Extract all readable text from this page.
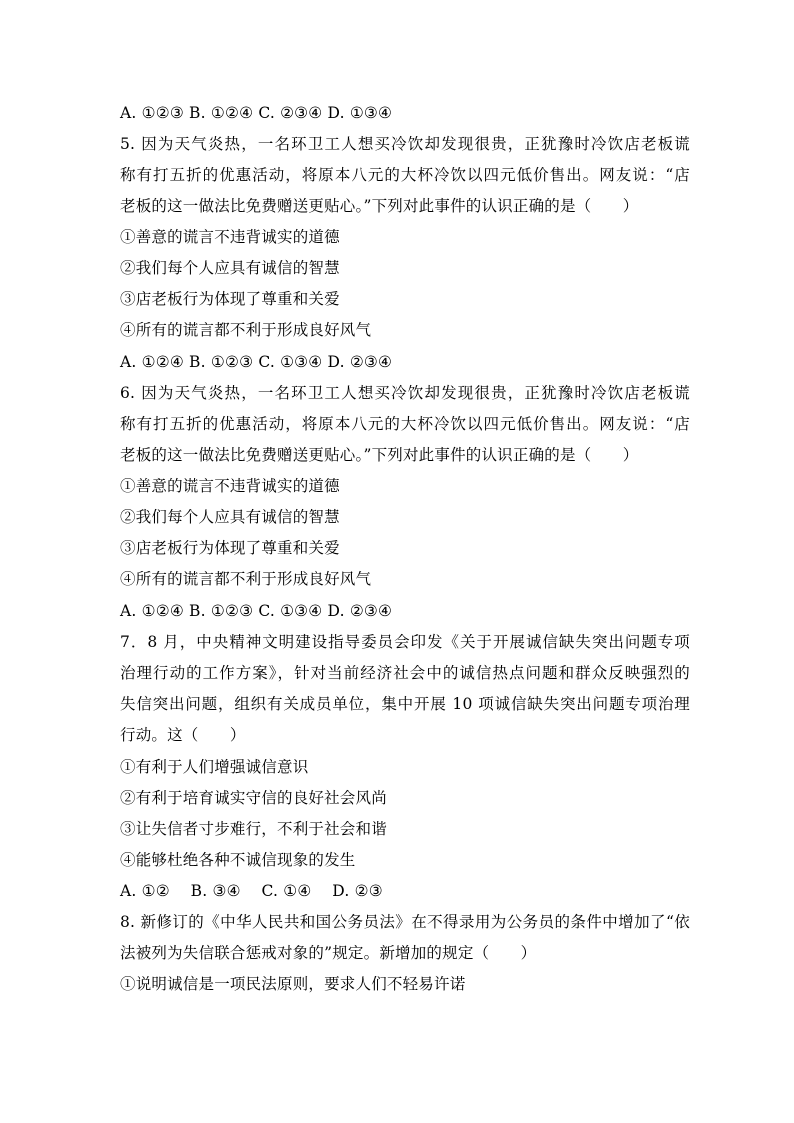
A. ①②③ B. ①②④ C. ②③④ D. ①③④
5. 因为天气炎热，一名环卫工人想买冷饮却发现很贵，正犹豫时冷饮店老板谎
称有打五折的优惠活动，将原本八元的大杯冷饮以四元低价售出。网友说：“店
老板的这一做法比免费赠送更贴心。”下列对此事件的认识正确的是（　　）
①善意的谎言不违背诚实的道德
②我们每个人应具有诚信的智慧
③店老板行为体现了尊重和关爱
④所有的谎言都不利于形成良好风气
A. ①②④ B. ①②③ C. ①③④ D. ②③④
6. 因为天气炎热，一名环卫工人想买冷饮却发现很贵，正犹豫时冷饮店老板谎
称有打五折的优惠活动，将原本八元的大杯冷饮以四元低价售出。网友说：“店
老板的这一做法比免费赠送更贴心。”下列对此事件的认识正确的是（　　）
①善意的谎言不违背诚实的道德
②我们每个人应具有诚信的智慧
③店老板行为体现了尊重和关爱
④所有的谎言都不利于形成良好风气
A. ①②④ B. ①②③ C. ①③④ D. ②③④
7．8 月，中央精神文明建设指导委员会印发《关于开展诚信缺失突出问题专项
治理行动的工作方案》，针对当前经济社会中的诚信热点问题和群众反映强烈的
失信突出问题，组织有关成员单位，集中开展 10 项诚信缺失突出问题专项治理
行动。这（　　）
①有利于人们增强诚信意识
②有利于培育诚实守信的良好社会风尚
③让失信者寸步难行，不利于社会和谐
④能够杜绝各种不诚信现象的发生
A. ①②　 B. ③④　 C. ①④　 D. ②③
8. 新修订的《中华人民共和国公务员法》在不得录用为公务员的条件中增加了“依
法被列为失信联合惩戒对象的”规定。新增加的规定（　　）
①说明诚信是一项民法原则，要求人们不轻易许诺
